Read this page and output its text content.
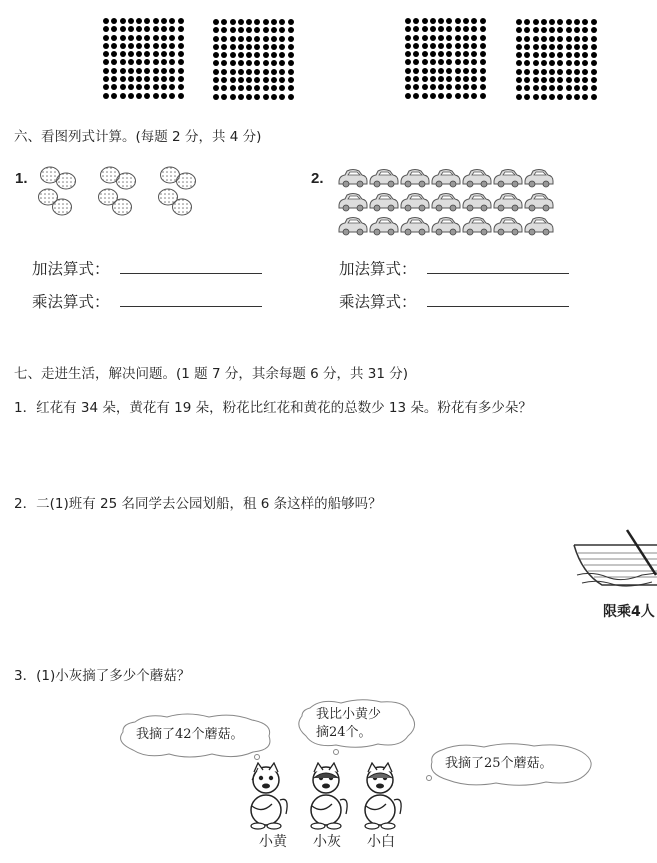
六、看图列式计算。(每题 2 分，共 4 分)
1.
加法算式：
乘法算式：
2.
加法算式：
乘法算式：
七、走进生活，解决问题。(1 题 7 分，其余每题 6 分，共 31 分)
1．红花有 34 朵，黄花有 19 朵，粉花比红花和黄花的总数少 13 朵。粉花有多少朵？
2．二(1)班有 25 名同学去公园划船，租 6 条这样的船够吗？
限乘4人
3．(1)小灰摘了多少个蘑菇？
我摘了42个蘑菇。
我比小黄少
摘24个。
我摘了25个蘑菇。
小黄 小灰 小白
